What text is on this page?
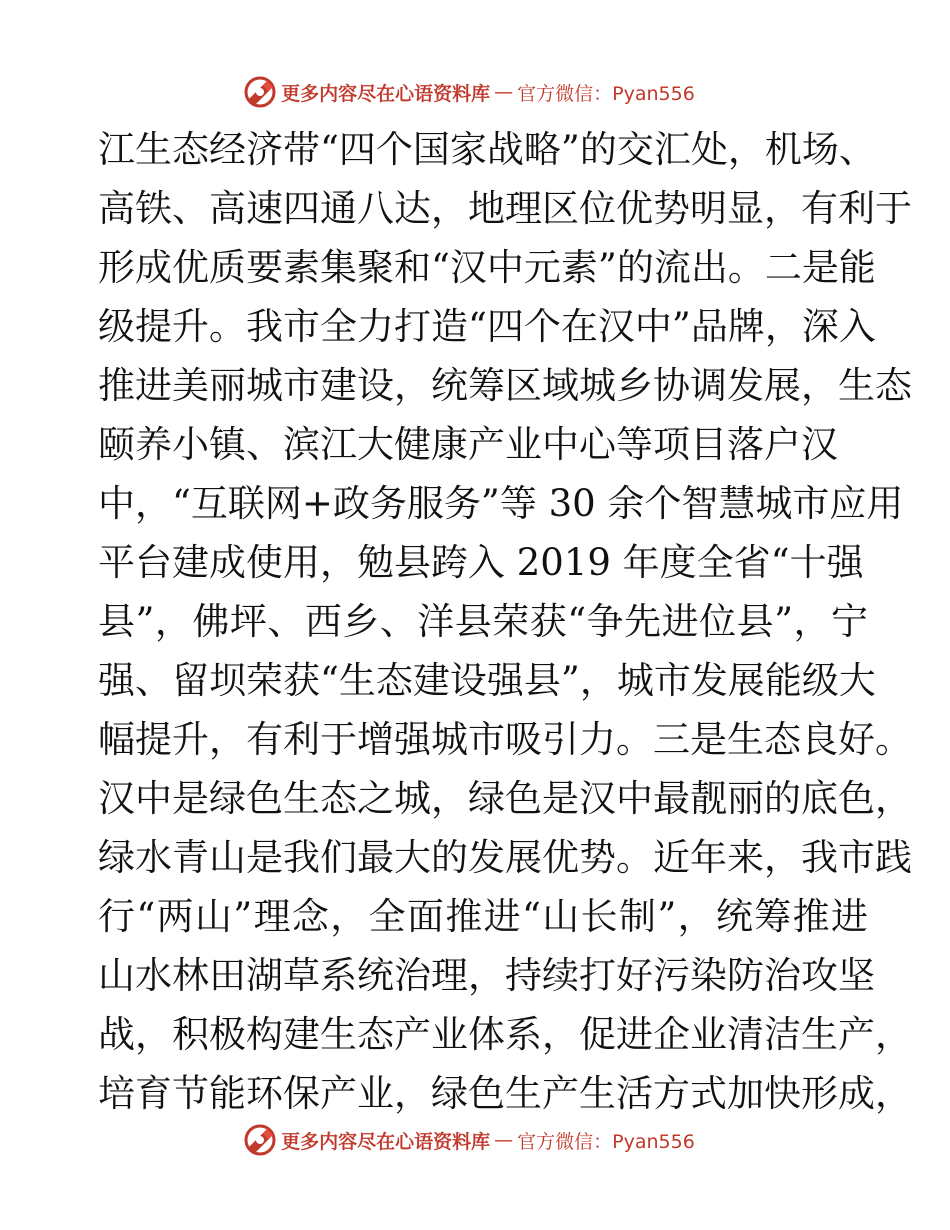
更多内容尽在心语资料库 — 官方微信：Pyan556
江生态经济带“四个国家战略”的交汇处，机场、
高铁、高速四通八达，地理区位优势明显，有利于
形成优质要素集聚和“汉中元素”的流出。二是能
级提升。我市全力打造“四个在汉中”品牌，深入
推进美丽城市建设，统筹区域城乡协调发展，生态
颐养小镇、滨江大健康产业中心等项目落户汉
中，“互联网+政务服务”等 30 余个智慧城市应用
平台建成使用，勉县跨入 2019 年度全省“十强
县”，佛坪、西乡、洋县荣获“争先进位县”，宁
强、留坝荣获“生态建设强县”，城市发展能级大
幅提升，有利于增强城市吸引力。三是生态良好。
汉中是绿色生态之城，绿色是汉中最靓丽的底色，
绿水青山是我们最大的发展优势。近年来，我市践
行“两山”理念，全面推进“山长制”，统筹推进
山水林田湖草系统治理，持续打好污染防治攻坚
战，积极构建生态产业体系，促进企业清洁生产，
培育节能环保产业，绿色生产生活方式加快形成，
更多内容尽在心语资料库 — 官方微信：Pyan556
